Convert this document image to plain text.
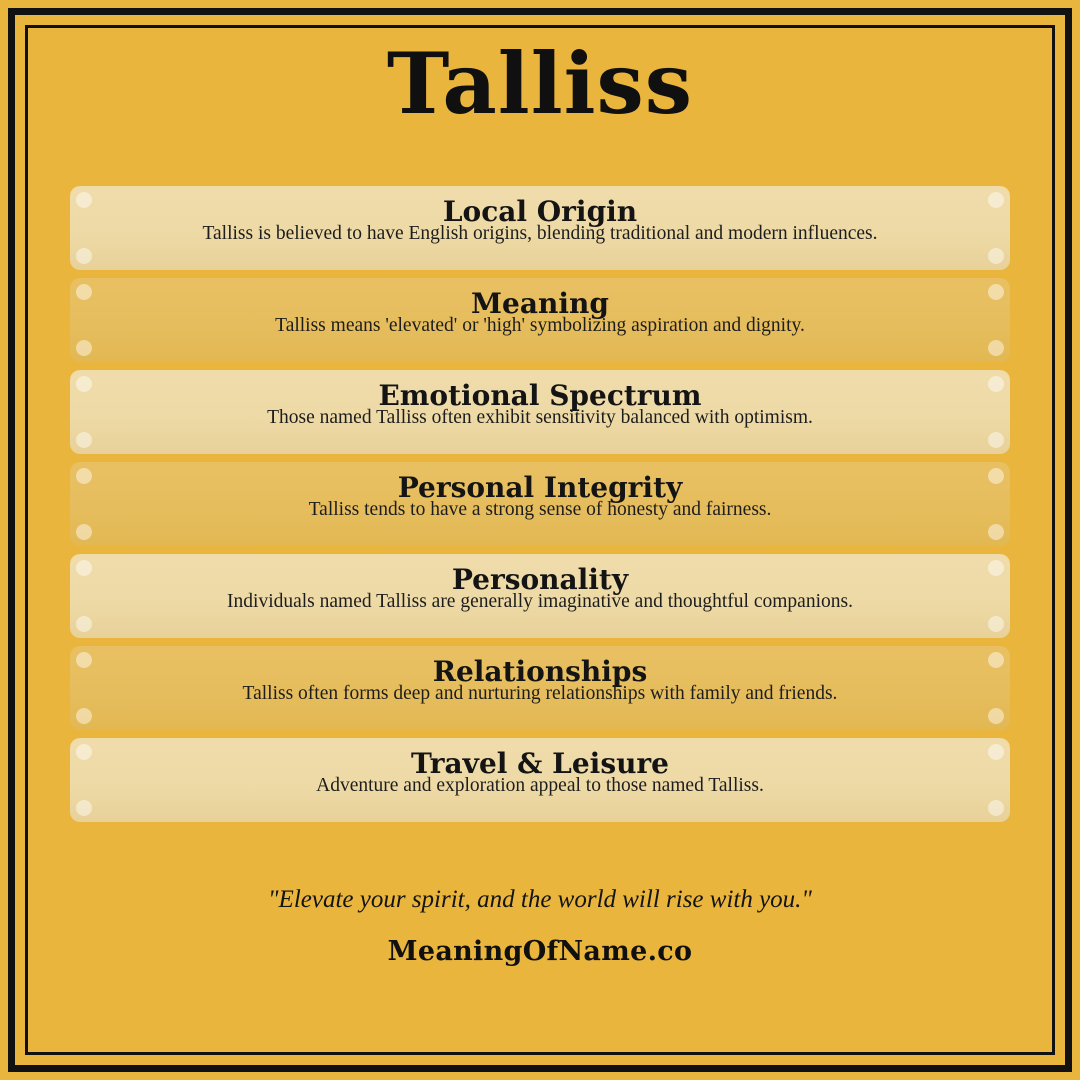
Talliss
Local Origin
Talliss is believed to have English origins, blending traditional and modern influences.
Meaning
Talliss means 'elevated' or 'high' symbolizing aspiration and dignity.
Emotional Spectrum
Those named Talliss often exhibit sensitivity balanced with optimism.
Personal Integrity
Talliss tends to have a strong sense of honesty and fairness.
Personality
Individuals named Talliss are generally imaginative and thoughtful companions.
Relationships
Talliss often forms deep and nurturing relationships with family and friends.
Travel & Leisure
Adventure and exploration appeal to those named Talliss.
"Elevate your spirit, and the world will rise with you."
MeaningOfName.co
